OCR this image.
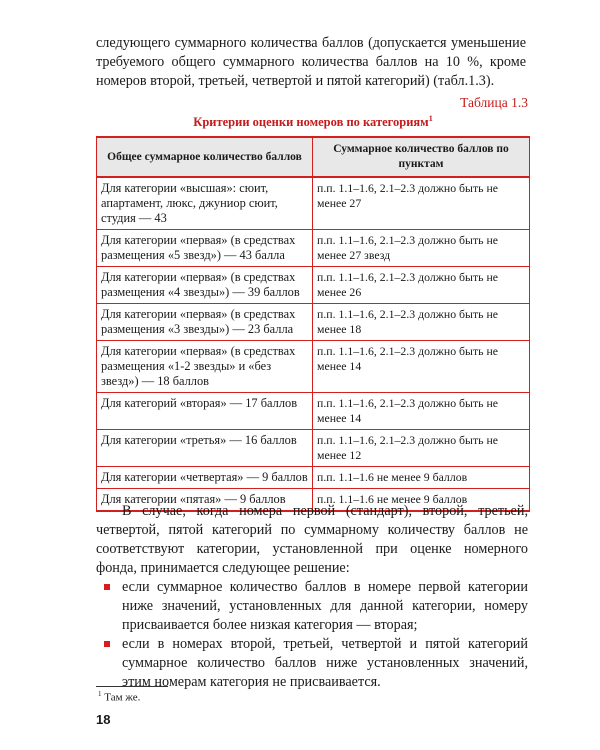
следующего суммарного количества баллов (допускается уменьшение требуемого общего суммарного количества баллов на 10 %, кроме номеров второй, третьей, четвертой и пятой категорий) (табл.1.3).

Таблица 1.3

Критерии оценки номеров по категориям$^1$

Общее суммарное количество баллов	Суммарное количество баллов по пунктам
Для категории «высшая»: сюит, апартамент, люкс, джуниор сюит, студия — 43	п.п. 1.1–1.6, 2.1–2.3 должно быть не менее 27
Для категории «первая» (в средствах размещения «5 звезд») — 43 балла	п.п. 1.1–1.6, 2.1–2.3 должно быть не менее 27 звезд
Для категории «первая» (в средствах размещения «4 звезды») — 39 баллов	п.п. 1.1–1.6, 2.1–2.3 должно быть не менее 26
Для категории «первая» (в средствах размещения «3 звезды») — 23 балла	п.п. 1.1–1.6, 2.1–2.3 должно быть не менее 18
Для категории «первая» (в средствах размещения «1-2 звезды» и «без звезд») — 18 баллов	п.п. 1.1–1.6, 2.1–2.3 должно быть не менее 14
Для категорий «вторая» — 17 баллов	п.п. 1.1–1.6, 2.1–2.3 должно быть не менее 14
Для категории «третья» — 16 баллов	п.п. 1.1–1.6, 2.1–2.3 должно быть не менее 12
Для категории «четвертая» — 9 баллов	п.п. 1.1–1.6 не менее 9 баллов
Для категории «пятая» — 9 баллов	п.п. 1.1–1.6 не менее 9 баллов

В случае, когда номера первой (стандарт), второй, третьей, четвертой, пятой категорий по суммарному количеству баллов не соответствуют категории, установленной при оценке номерного фонда, принимается следующее решение:

если суммарное количество баллов в номере первой категории ниже значений, установленных для данной категории, номеру присваивается более низкая категория — вторая;
если в номерах второй, третьей, четвертой и пятой категорий суммарное количество баллов ниже установленных значений, этим номерам категория не присваивается.

$^1$ Там же.

18
